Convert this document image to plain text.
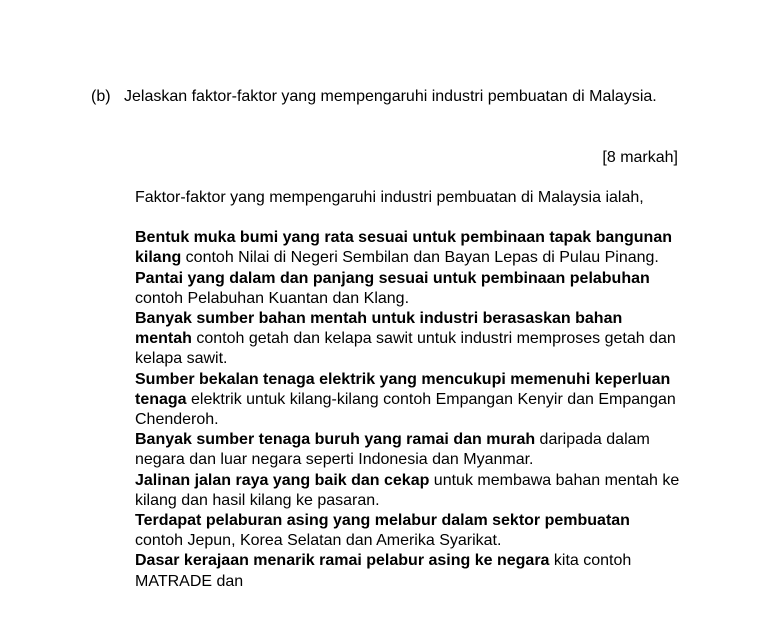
(b) Jelaskan faktor-faktor yang mempengaruhi industri pembuatan di Malaysia.
[8 markah]

Faktor-faktor yang mempengaruhi industri pembuatan di Malaysia ialah,

Bentuk muka bumi yang rata sesuai untuk pembinaan tapak bangunan kilang contoh Nilai di Negeri Sembilan dan Bayan Lepas di Pulau Pinang.

Pantai yang dalam dan panjang sesuai untuk pembinaan pelabuhan contoh Pelabuhan Kuantan dan Klang.

Banyak sumber bahan mentah untuk industri berasaskan bahan mentah contoh getah dan kelapa sawit untuk industri memproses getah dan kelapa sawit.

Sumber bekalan tenaga elektrik yang mencukupi memenuhi keperluan tenaga elektrik untuk kilang-kilang contoh Empangan Kenyir dan Empangan Chenderoh.

Banyak sumber tenaga buruh yang ramai dan murah daripada dalam negara dan luar negara seperti Indonesia dan Myanmar.

Jalinan jalan raya yang baik dan cekap untuk membawa bahan mentah ke kilang dan hasil kilang ke pasaran.

Terdapat pelaburan asing yang melabur dalam sektor pembuatan contoh Jepun, Korea Selatan dan Amerika Syarikat.

Dasar kerajaan menarik ramai pelabur asing ke negara kita contoh MATRADE dan
